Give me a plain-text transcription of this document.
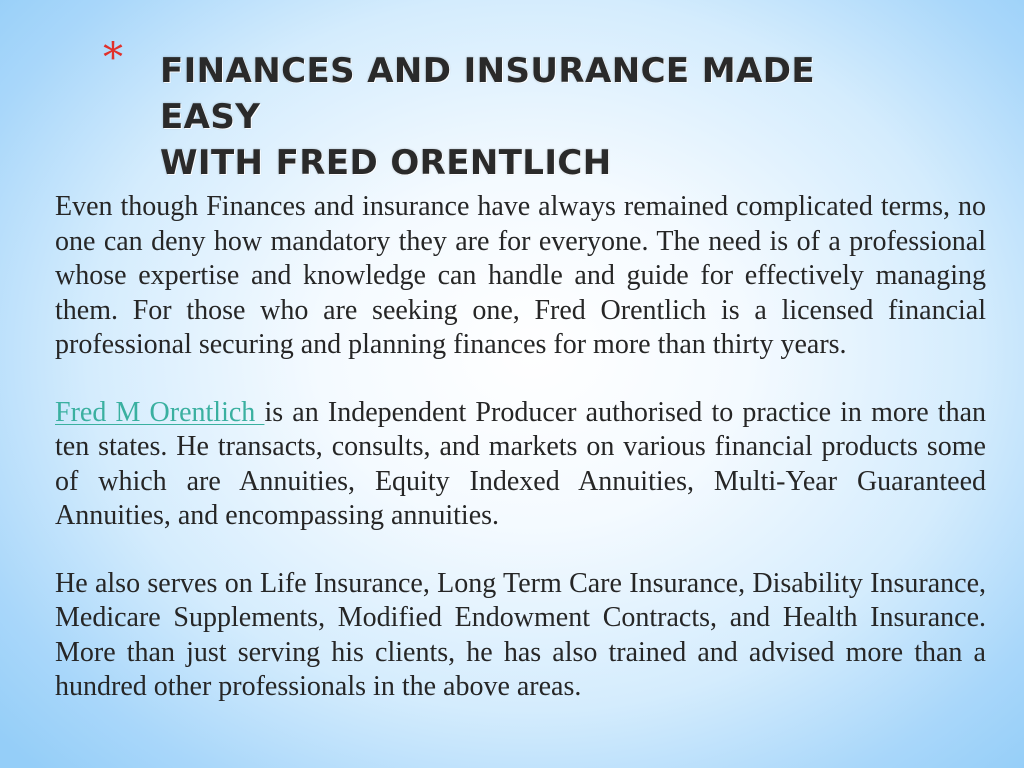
* FINANCES AND INSURANCE MADE EASY
WITH FRED ORENTLICH

Even though Finances and insurance have always remained complicated terms, no one can deny how mandatory they are for everyone. The need is of a professional whose expertise and knowledge can handle and guide for effectively managing them. For those who are seeking one, Fred Orentlich is a licensed financial professional securing and planning finances for more than thirty years.

Fred M Orentlich is an Independent Producer authorised to practice in more than ten states. He transacts, consults, and markets on various financial products some of which are Annuities, Equity Indexed Annuities, Multi-Year Guaranteed Annuities, and encompassing annuities.

He also serves on Life Insurance, Long Term Care Insurance, Disability Insurance, Medicare Supplements, Modified Endowment Contracts, and Health Insurance. More than just serving his clients, he has also trained and advised more than a hundred other professionals in the above areas.
